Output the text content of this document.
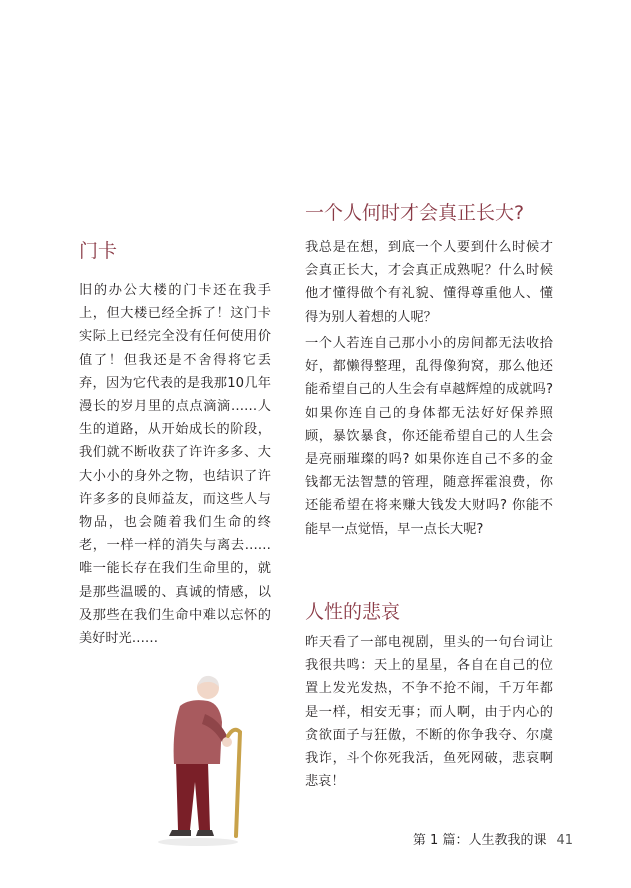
门卡

旧的办公大楼的门卡还在我手上，但大楼已经全拆了！这门卡实际上已经完全没有任何使用价值了！但我还是不舍得将它丢弃，因为它代表的是我那10几年漫长的岁月里的点点滴滴……人生的道路，从开始成长的阶段，我们就不断收获了许许多多、大大小小的身外之物，也结识了许许多多的良师益友，而这些人与物品，也会随着我们生命的终老，一样一样的消失与离去……唯一能长存在我们生命里的，就是那些温暖的、真诚的情感，以及那些在我们生命中难以忘怀的美好时光……

一个人何时才会真正长大?

我总是在想，到底一个人要到什么时候才会真正长大，才会真正成熟呢？什么时候他才懂得做个有礼貌、懂得尊重他人、懂得为别人着想的人呢？

一个人若连自己那小小的房间都无法收拾好，都懒得整理，乱得像狗窝，那么他还能希望自己的人生会有卓越辉煌的成就吗?如果你连自己的身体都无法好好保养照顾，暴饮暴食，你还能希望自己的人生会是亮丽璀璨的吗? 如果你连自己不多的金钱都无法智慧的管理，随意挥霍浪费，你还能希望在将来赚大钱发大财吗? 你能不能早一点觉悟，早一点长大呢?

人性的悲哀

昨天看了一部电视剧，里头的一句台词让我很共鸣：天上的星星，各自在自己的位置上发光发热，不争不抢不闹，千万年都是一样，相安无事；而人啊，由于内心的贪欲面子与狂傲，不断的你争我夺、尔虞我诈，斗个你死我活，鱼死网破，悲哀啊悲哀！

第 1 篇：人生教我的课 41
